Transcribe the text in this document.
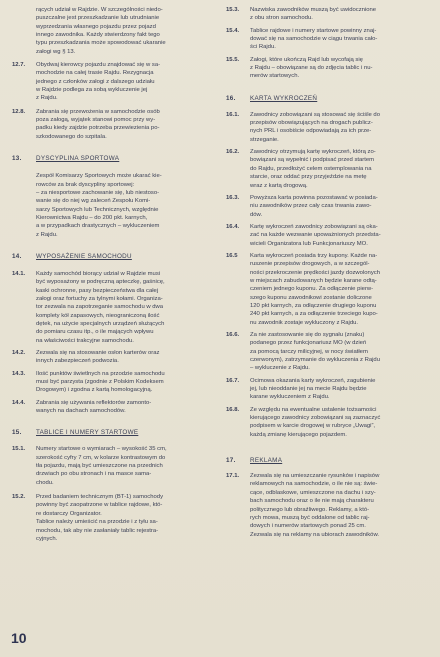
rących udział w Rajdzie. W szczególności niedo-
puszczalne jest przeszkadzanie lub utrudnianie
wyprzedzania własnego pojazdu przez pojazd
innego zawodnika. Każdy stwierdzony fakt tego
typu przeszkadzania może spowodować ukaranie
załogi wg § 13.
12.7.	Obydwaj kierowcy pojazdu znajdować się w sa-
mochodzie na całej trasie Rajdu. Rezygnacja
jednego z członków załogi z dalszego udziału
w Rajdzie podlega za sobą wykluczenie jej
z Rajdu.
12.8.	Zabrania się przewożenia w samochodzie osób
poza załogą, wyjątek stanowi pomoc przy wy-
padku kiedy zajdzie potrzeba przewiezienia po-
szkodowanego do szpitala.
13.	DYSCYPLINA SPORTOWA
Zespół Komisarzy Sportowych może ukarać kie-
rowców za brak dyscypliny sportowej:
– za niesportowe zachowanie się, lub niestoso-
wanie się do niej wg zaleceń Zespołu Komi-
sarzy Sportowych lub Technicznych, względnie
Kierownictwa Rajdu – do 200 pkt. karnych,
a w przypadkach drastycznych – wykluczeniem
z Rajdu.
14.	WYPOSAŻENIE SAMOCHODU
14.1.	Każdy samochód biorący udział w Rajdzie musi
być wyposażony w podręczną apteczkę, gaśnicę,
kaski ochronne, pasy bezpieczeństwa dla całej
załogi oraz fortuchy za tylnymi kołami. Organiza-
tor zezwala na zapotrzeganie samochodu w dwa
komplety kół zapasowych, nieograniczoną ilość
dętek, na użycie specjalnych urządzeń służących
do pomiaru czasu itp., o ile mających wpływu
na właściwości trakcyjne samochodu.
14.2.	Zezwala się na stosowanie osłon karterów oraz
innych zabezpieczeń podwozia.
14.3.	Ilość punktów świetlnych na przodzie samochodu
musi być parzysta (zgodnie z Polskim Kodeksem
Drogowym) i zgodna z kartą homologacyjną.
14.4.	Zabrania się używania reflektorów zamonto-
wanych na dachach samochodów.
15.	TABLICE I NUMERY STARTOWE
15.1.	Numery startowe o wymiarach – wysokość 35 cm,
szerokość cyfry 7 cm, w kolarze kontrastowym do
tła pojazdu, mają być umieszczone na przednich
drzwiach po obu stronach i na masce sama-
chodu.
15.2.	Przed badaniem technicznym (BT-1) samochody
powinny być zaopatrzone w tablice rajdowe, któ-
re dostarczy Organizator.
Tablice należy umieścić na przodzie i z tyłu sa-
mochodu, tak aby nie zasłaniały tablic rejestra-
cyjnych.
15.3.	Nazwiska zawodników muszą być uwidocznione
z obu stron samochodu.
15.4.	Tablice rajdowe i numery startowe powinny znaj-
dować się na samochodzie w ciągu trwania cało-
ści Rajdu.
15.5.	Załogi, które ukończą Rajd lub wycofają się
z Rajdu – obowiązane są do zdjęcia tablic i nu-
merów startowych.
16.	KARTA WYKROCZEŃ
16.1.	Zawodnicy zobowiązani są stosować się ściśle do
przepisów obowiązujących na drogach publicz-
nych PRL i osobiście odpowiadają za ich prze-
strzeganie.
16.2.	Zawodnicy otrzymują kartę wykroczeń, którą zo-
bowiązani są wypełnić i podpisać przed startem
do Rajdu, przedłożyć celem ostemplowania na
starcie, oraz oddać przy przyjeździe na metę
wraz z kartą drogową.
16.3.	Powyższa karta powinna pozostawać w posiada-
niu zawodników przez cały czas trwania zawo-
dów.
16.4.	Kartę wykroczeń zawodnicy zobowiązani są oka-
zać na każde wezwanie upoważnionych przedsta-
wicieli Organizatora lub Funkcjonariuszy MO.
16.5	Karta wykroczeń posiada trzy kupony. Każde na-
ruszenie przepisów drogowych, a w szczegól-
ności przekroczenie prędkości jazdy dozwolonych
w miejscach zabudowanych będzie karane odtą-
czeniem jednego kuponu. Za odłączenie pierw-
szego kuponu zawodnikowi zostanie doliczone
120 pkt karnych, za odłączenie drugiego kuponu
240 pkt karnych, a za odłączenie trzeciego kupo-
nu zawodnik zostaje wykluczony z Rajdu.
16.6.	Za nie zastosowanie się do sygnału (znaku)
podanego przez funkcjonariusz MO (w dzień
za pomocą tarczy milicyjnej, w nocy światłem
czerwonym), zatrzymanie do wykluczenia z Rajdu
– wykluczenie z Rajdu.
16.7.	Ocimowa okazania karty wykroczeń, zagubienie
jej, lub nieoddanie jej na mecie Rajdu będzie
karane wykluczeniem z Rajdu.
16.8.	Ze względu na ewentualne ustalenie tożsamości
kierującego zawodnicy zobowiązani są zaznaczyć
podpisem w karcie drogowej w rubryce „Uwagi”,
każdą zmianę kierującego pojazdem.
17.	REKLAMA
17.1.	Zezwala się na umieszczanie rysunków i napisów
reklamowych na samochodzie, o ile nie są: świe-
cące, odblaskowe, umieszczone na dachu i szy-
bach samochodu oraz o ile nie mają charakteru
politycznego lub obraźliwego. Reklamy, a któ-
rych mowa, muszą być oddalone od tablic raj-
dowych i numerów startowych ponad 25 cm.
Zezwala się na reklamy na ubiorach zawodników.
10
